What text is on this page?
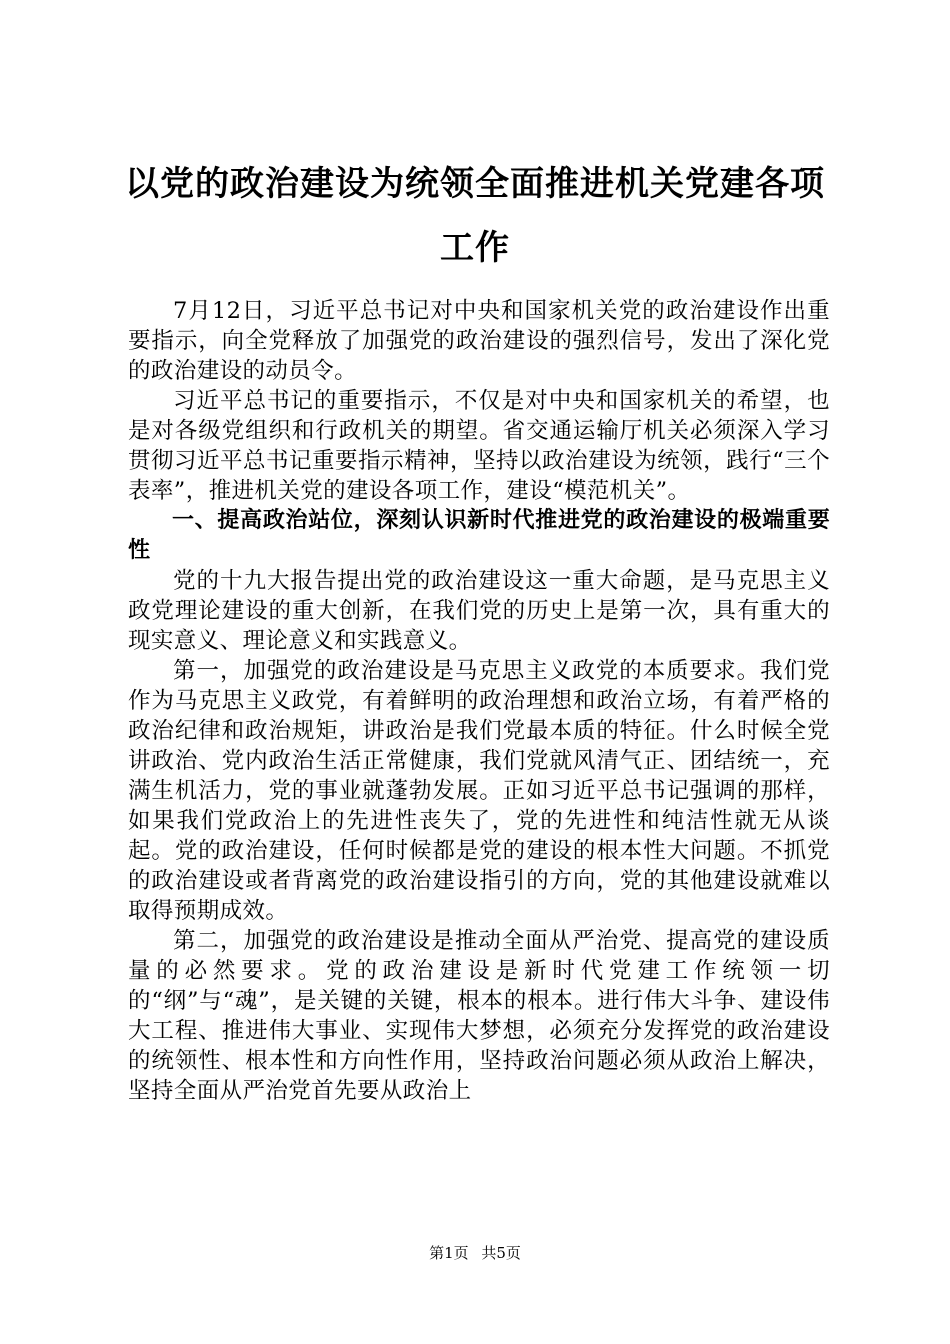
以党的政治建设为统领全面推进机关党建各项
工作

7月12日，习近平总书记对中央和国家机关党的政治建设作出重要指示，向全党释放了加强党的政治建设的强烈信号，发出了深化党的政治建设的动员令。

习近平总书记的重要指示，不仅是对中央和国家机关的希望，也是对各级党组织和行政机关的期望。省交通运输厅机关必须深入学习贯彻习近平总书记重要指示精神，坚持以政治建设为统领，践行“三个表率”，推进机关党的建设各项工作，建设“模范机关”。

一、提高政治站位，深刻认识新时代推进党的政治建设的极端重要性

党的十九大报告提出党的政治建设这一重大命题，是马克思主义政党理论建设的重大创新，在我们党的历史上是第一次，具有重大的现实意义、理论意义和实践意义。

第一，加强党的政治建设是马克思主义政党的本质要求。我们党作为马克思主义政党，有着鲜明的政治理想和政治立场，有着严格的政治纪律和政治规矩，讲政治是我们党最本质的特征。什么时候全党讲政治、党内政治生活正常健康，我们党就风清气正、团结统一，充满生机活力，党的事业就蓬勃发展。正如习近平总书记强调的那样，如果我们党政治上的先进性丧失了，党的先进性和纯洁性就无从谈起。党的政治建设，任何时候都是党的建设的根本性大问题。不抓党的政治建设或者背离党的政治建设指引的方向，党的其他建设就难以取得预期成效。

第二，加强党的政治建设是推动全面从严治党、提高党的建设质量的必然要求。党的政治建设是新时代党建工作统领一切的“纲”与“魂”，是关键的关键，根本的根本。进行伟大斗争、建设伟大工程、推进伟大事业、实现伟大梦想，必须充分发挥党的政治建设的统领性、根本性和方向性作用，坚持政治问题必须从政治上解决，坚持全面从严治党首先要从政治上

第1页 共5页
